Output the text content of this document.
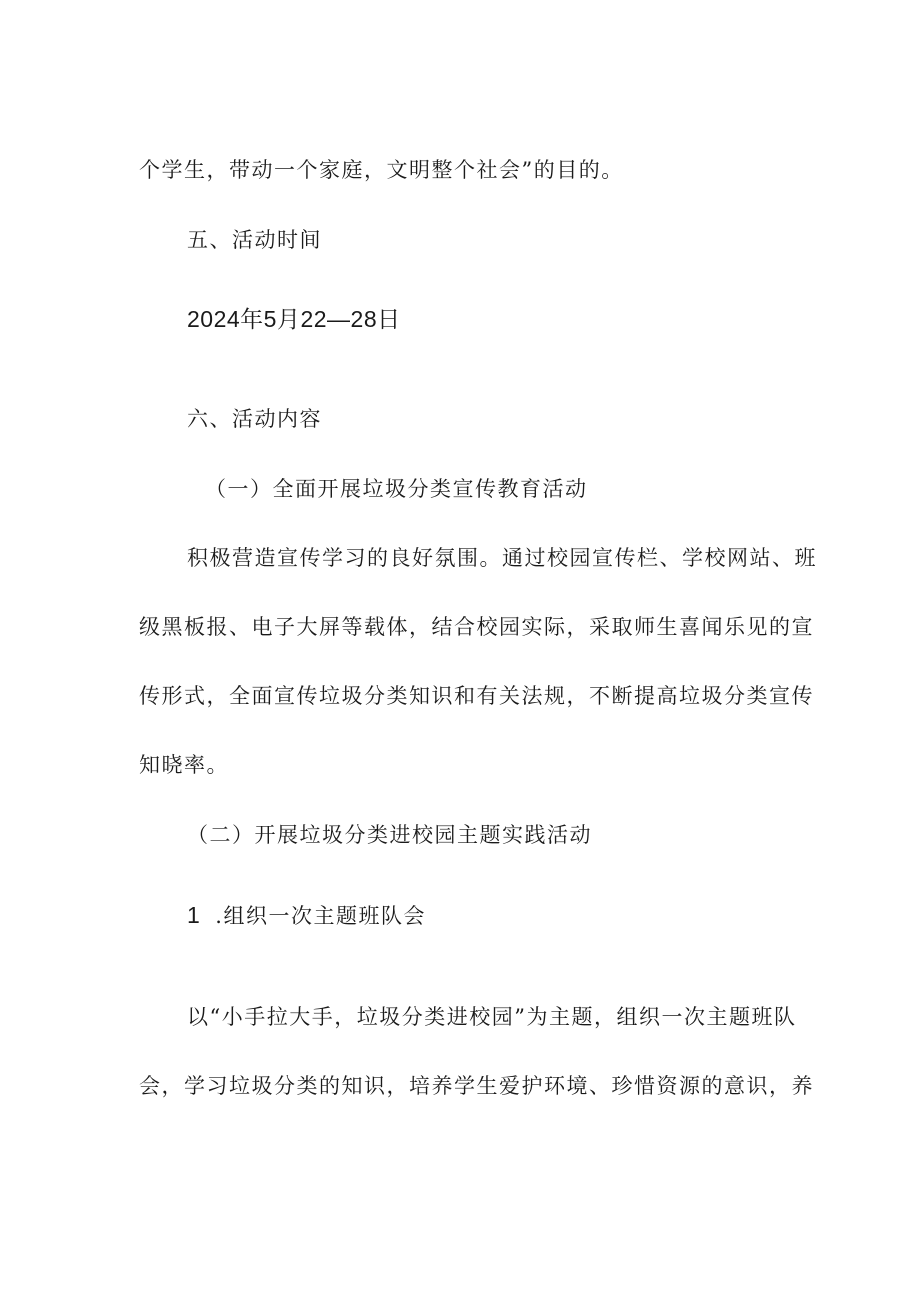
个学生，带动一个家庭，文明整个社会”的目的。
五、活动时间
2024年5月22—28日
六、活动内容
（一）全面开展垃圾分类宣传教育活动
积极营造宣传学习的良好氛围。通过校园宣传栏、学校网站、班
级黑板报、电子大屏等载体，结合校园实际，采取师生喜闻乐见的宣
传形式，全面宣传垃圾分类知识和有关法规，不断提高垃圾分类宣传
知晓率。
（二）开展垃圾分类进校园主题实践活动
1 .组织一次主题班队会
以“小手拉大手，垃圾分类进校园”为主题，组织一次主题班队
会，学习垃圾分类的知识，培养学生爱护环境、珍惜资源的意识，养
